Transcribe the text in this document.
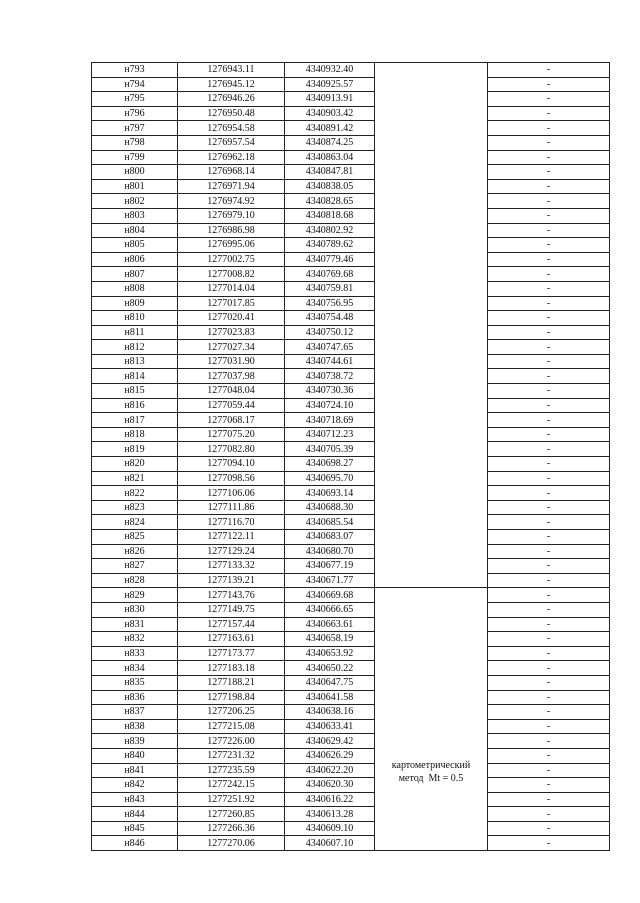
н793	1276943.11	4340932.40		-
н794	1276945.12	4340925.57		-
н795	1276946.26	4340913.91		-
н796	1276950.48	4340903.42		-
н797	1276954.58	4340891.42		-
н798	1276957.54	4340874.25		-
н799	1276962.18	4340863.04		-
н800	1276968.14	4340847.81		-
н801	1276971.94	4340838.05		-
н802	1276974.92	4340828.65		-
н803	1276979.10	4340818.68		-
н804	1276986.98	4340802.92		-
н805	1276995.06	4340789.62		-
н806	1277002.75	4340779.46		-
н807	1277008.82	4340769.68		-
н808	1277014.04	4340759.81		-
н809	1277017.85	4340756.95		-
н810	1277020.41	4340754.48		-
н811	1277023.83	4340750.12		-
н812	1277027.34	4340747.65		-
н813	1277031.90	4340744.61		-
н814	1277037.98	4340738.72		-
н815	1277048.04	4340730.36		-
н816	1277059.44	4340724.10		-
н817	1277068.17	4340718.69		-
н818	1277075.20	4340712.23		-
н819	1277082.80	4340705.39		-
н820	1277094.10	4340698.27		-
н821	1277098.56	4340695.70		-
н822	1277106.06	4340693.14		-
н823	1277111.86	4340688.30		-
н824	1277116.70	4340685.54		-
н825	1277122.11	4340683.07		-
н826	1277129.24	4340680.70		-
н827	1277133.32	4340677.19		-
н828	1277139.21	4340671.77		-
н829	1277143.76	4340669.68	картометрический
метод  Mt = 0.5	-
н830	1277149.75	4340666.65		-
н831	1277157.44	4340663.61		-
н832	1277163.61	4340658.19		-
н833	1277173.77	4340653.92		-
н834	1277183.18	4340650.22		-
н835	1277188.21	4340647.75		-
н836	1277198.84	4340641.58		-
н837	1277206.25	4340638.16		-
н838	1277215.08	4340633.41		-
н839	1277226.00	4340629.42		-
н840	1277231.32	4340626.29		-
н841	1277235.59	4340622.20		-
н842	1277242.15	4340620.30		-
н843	1277251.92	4340616.22		-
н844	1277260.85	4340613.28		-
н845	1277266.36	4340609.10		-
н846	1277270.06	4340607.10		-
